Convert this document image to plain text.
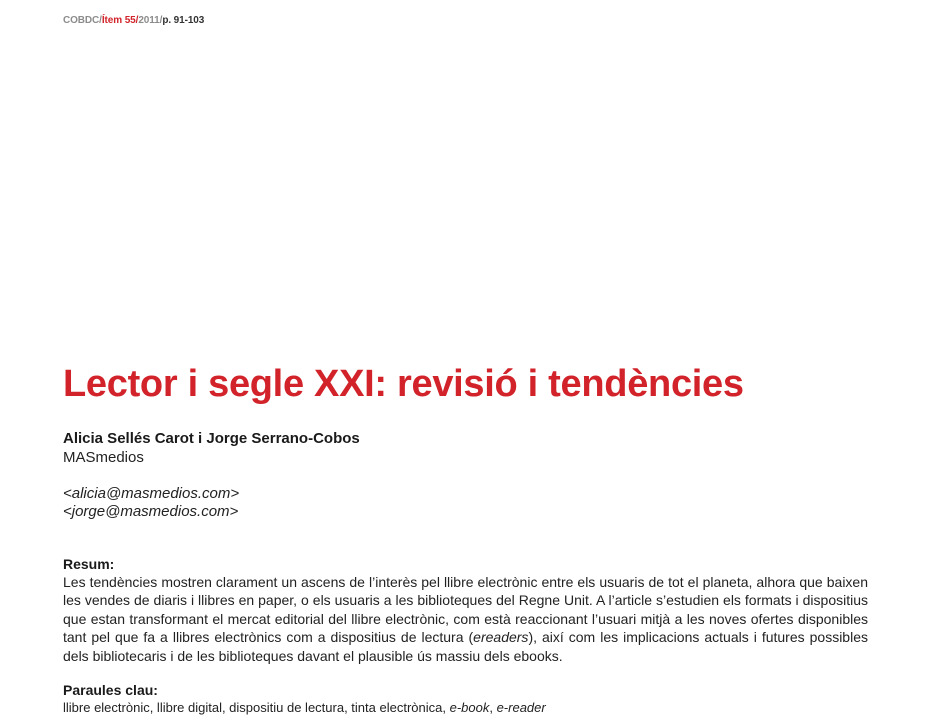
COBDC/Ítem 55/2011/p. 91-103
Lector i segle XXI: revisió i tendències
Alicia Sellés Carot i Jorge Serrano-Cobos
MASmedios
<alicia@masmedios.com>
<jorge@masmedios.com>
Resum:

Les tendències mostren clarament un ascens de l’interès pel llibre electrònic entre els usuaris de tot el planeta, alhora que baixen les vendes de diaris i llibres en paper, o els usuaris a les biblioteques del Regne Unit. A l’article s’estudien els formats i dispositius que estan transformant el mercat editorial del llibre electrònic, com està reaccionant l’usuari mitjà a les noves ofertes disponibles tant pel que fa a llibres electrònics com a dispositius de lectura (ereaders), així com les implicacions actuals i futures possibles dels bibliotecaris i de les biblioteques davant el plausible ús massiu dels ebooks.

Paraules clau:
llibre electrònic, llibre digital, dispositiu de lectura, tinta electrònica, e-book, e-reader
